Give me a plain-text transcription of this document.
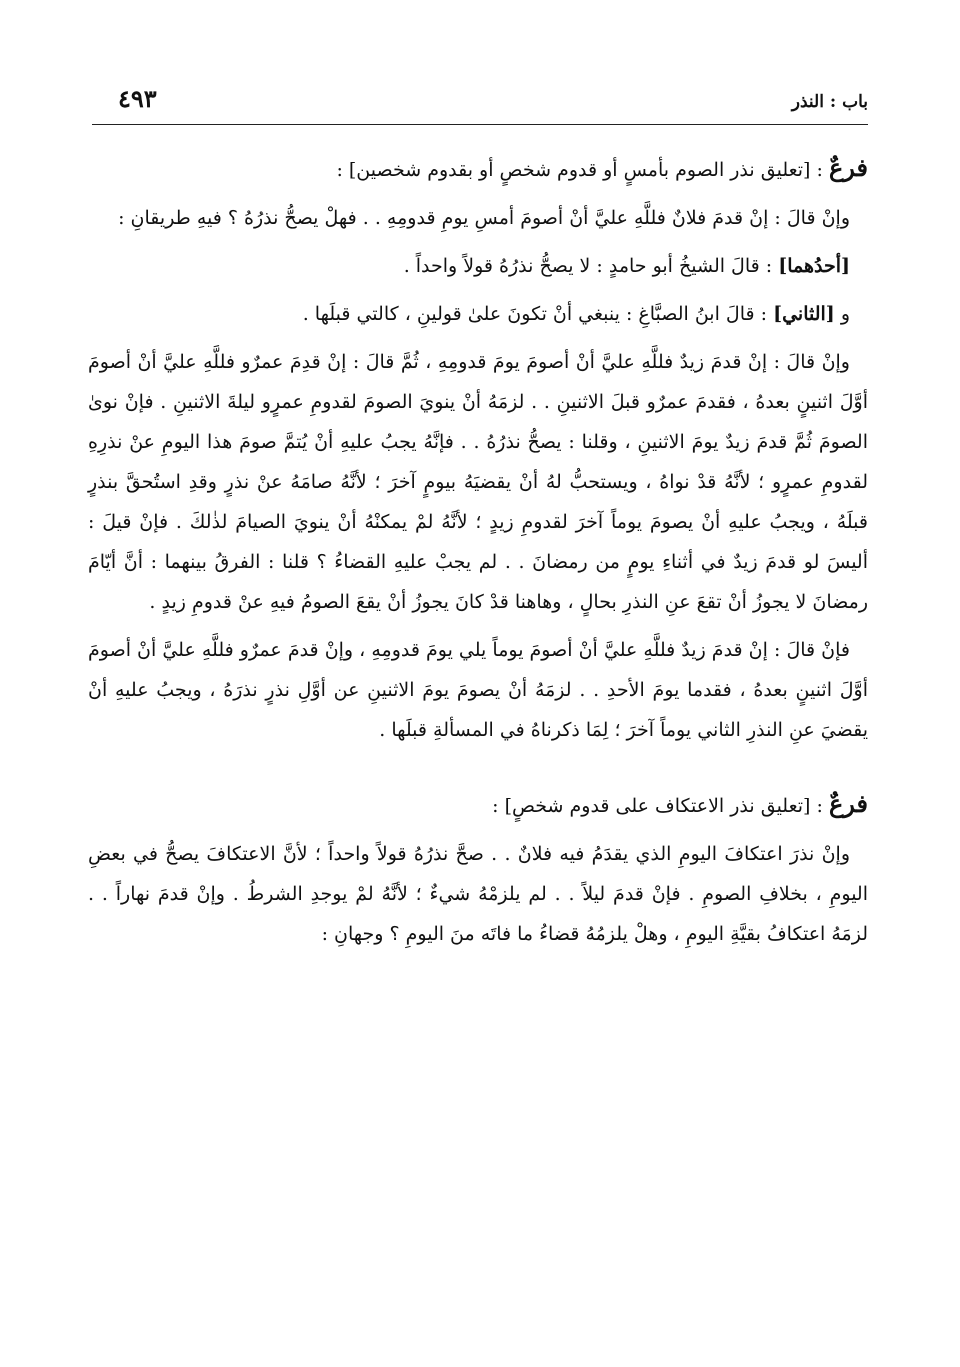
باب : النذر
٤٩٣

فرعٌ : [تعليق نذر الصوم بأمسٍ أو قدوم شخصٍ أو بقدوم شخصين] :

وإنْ قالَ : إنْ قدمَ فلانٌ فللَّهِ عليَّ أنْ أصومَ أمسِ يومِ قدومِهِ . . فهلْ يصحُّ نذرُهُ ؟ فيهِ طريقانِ :

[أحدُهما] : قالَ الشيخُ أبو حامدٍ : لا يصحُّ نذرُهُ قولاً واحداً .

و [الثاني] : قالَ ابنُ الصبَّاغِ : ينبغي أنْ تكونَ علىٰ قولينِ ، كالتي قبلَها .

وإنْ قالَ : إنْ قدمَ زيدٌ فللَّهِ عليَّ أنْ أصومَ يومَ قدومِهِ ، ثُمَّ قالَ : إنْ قدِمَ عمرٌو فللَّهِ عليَّ أنْ أصومَ أوَّلَ اثنينٍ بعدهُ ، فقدمَ عمرٌو قبلَ الاثنينِ . . لزمَهُ أنْ ينويَ الصومَ لقدومِ عمرٍو ليلةَ الاثنينِ . فإنْ نوىٰ الصومَ ثُمَّ قدمَ زيدٌ يومَ الاثنينِ ، وقلنا : يصحُّ نذرُهُ . . فإنَّهُ يجبُ عليهِ أنْ يُتمَّ صومَ هذا اليومِ عنْ نذرِهِ لقدومِ عمرٍو ؛ لأنَّهُ قدْ نواهُ ، ويستحبُّ لهُ أنْ يقضيَهُ بيومٍ آخرَ ؛ لأنَّهُ صامَهُ عنْ نذرٍ وقدِ استُحقَّ بنذرٍ قبلَهُ ، ويجبُ عليهِ أنْ يصومَ يوماً آخرَ لقدومِ زيدٍ ؛ لأنَّهُ لمْ يمكنْهُ أنْ ينويَ الصيامَ لذٰلكَ . فإنْ قيلَ : أليسَ لو قدمَ زيدٌ في أثناءِ يومٍ من رمضانَ . . لم يجبْ عليهِ القضاءُ ؟ قلنا : الفرقُ بينهما : أنَّ أيّامَ رمضانَ لا يجوزُ أنْ تقعَ عنِ النذرِ بحالٍ ، وهاهنا قدْ كانَ يجوزُ أنْ يقعَ الصومُ فيهِ عنْ قدومِ زيدٍ .

فإنْ قالَ : إنْ قدمَ زيدٌ فللَّهِ عليَّ أنْ أصومَ يوماً يلي يومَ قدومِهِ ، وإنْ قدمَ عمرٌو فللَّهِ عليَّ أنْ أصومَ أوَّلَ اثنينٍ بعدهُ ، فقدما يومَ الأحدِ . . لزمَهُ أنْ يصومَ يومَ الاثنينِ عن أوَّلِ نذرٍ نذرَهُ ، ويجبُ عليهِ أنْ يقضيَ عنِ النذرِ الثاني يوماً آخرَ ؛ لِمَا ذكرناهُ في المسألةِ قبلَها .

فرعٌ : [تعليق نذر الاعتكاف على قدوم شخصٍ] :

وإنْ نذرَ اعتكافَ اليومِ الذي يقدَمُ فيه فلانٌ . . صحَّ نذرُهُ قولاً واحداً ؛ لأنَّ الاعتكافَ يصحُّ في بعضِ اليومِ ، بخلافِ الصومِ . فإنْ قدمَ ليلاً . . لم يلزمْهُ شيءٌ ؛ لأنَّهُ لمْ يوجدِ الشرطُ . وإنْ قدمَ نهاراً . . لزمَهُ اعتكافُ بقيَّةِ اليومِ ، وهلْ يلزمُهُ قضاءُ ما فاتَه منَ اليومِ ؟ وجهانِ :
